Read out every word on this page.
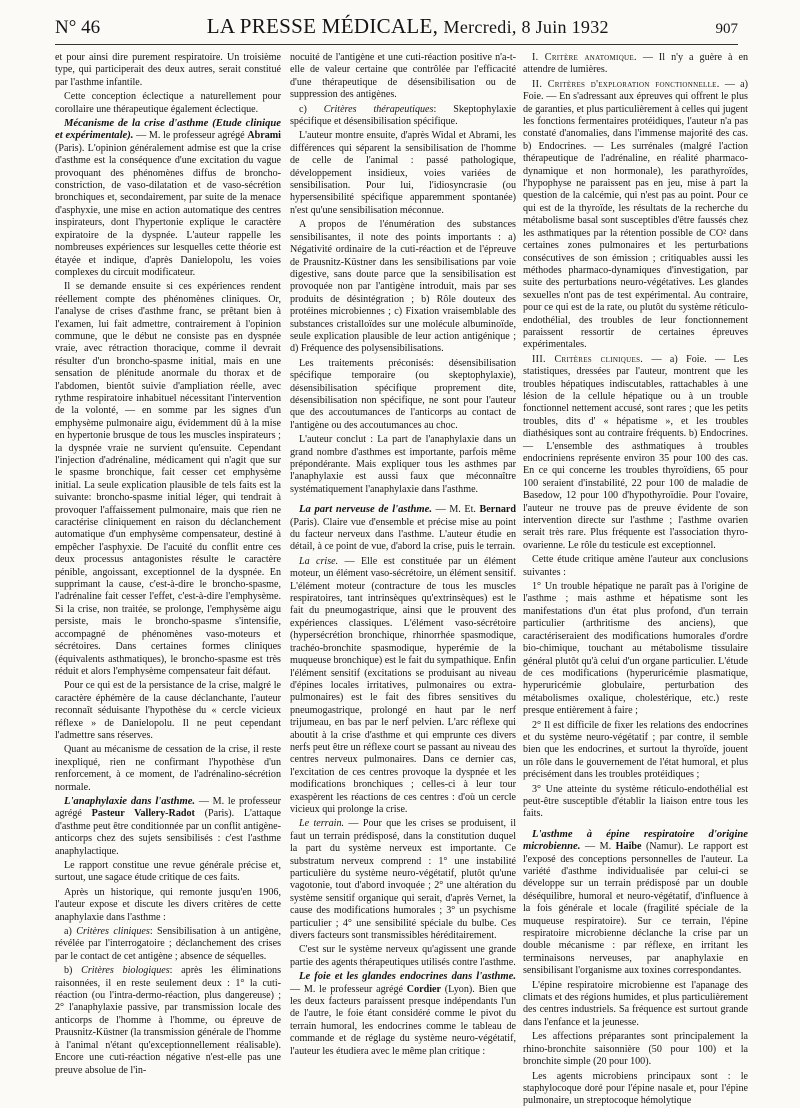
N° 46	LA PRESSE MÉDICALE, Mercredi, 8 Juin 1932	907

et pour ainsi dire purement respiratoire. Un troisième type, qui participerait des deux autres, serait constitué par l'asthme infantile.

Cette conception éclectique a naturellement pour corollaire une thérapeutique également éclectique.

Mécanisme de la crise d'asthme (Etude clinique et expérimentale). — M. le professeur agrégé Abrami (Paris). L'opinion généralement admise est que la crise d'asthme est la conséquence d'une excitation du vague provoquant des phénomènes diffus de broncho-constriction, de vaso-dilatation et de vaso-sécrétion bronchiques et, secondairement, par suite de la menace d'asphyxie, une mise en action automatique des centres inspirateurs, dont l'hypertonie explique le caractère expiratoire de la dyspnée. L'auteur rappelle les nombreuses expériences sur lesquelles cette théorie est étayée et indique, d'après Danielopolu, les voies complexes du circuit modificateur.

Il se demande ensuite si ces expériences rendent réellement compte des phénomènes cliniques. Or, l'analyse de crises d'asthme franc, se prêtant bien à l'examen, lui fait admettre, contrairement à l'opinion commune, que le début ne consiste pas en dyspnée vraie, avec rétraction thoracique, comme il devrait résulter d'un broncho-spasme initial, mais en une sensation de plénitude anormale du thorax et de l'abdomen, bientôt suivie d'ampliation réelle, avec rythme respiratoire inhabituel nécessitant l'intervention de la volonté, — en somme par les signes d'un emphysème pulmonaire aigu, évidemment dû à la mise en hypertonie brusque de tous les muscles inspirateurs ; la dyspnée vraie ne survient qu'ensuite. Cependant l'injection d'adrénaline, médicament qui n'agit que sur le spasme bronchique, fait cesser cet emphysème initial. La seule explication plausible de tels faits est la suivante: broncho-spasme initial léger, qui tendrait à provoquer l'affaissement pulmonaire, mais que rien ne caractérise cliniquement en raison du déclanchement automatique d'un emphysème compensateur, destiné à empêcher l'asphyxie. De l'acuité du conflit entre ces deux processus antagonistes résulte le caractère pénible, angoissant, exceptionnel de la dyspnée. En supprimant la cause, c'est-à-dire le broncho-spasme, l'adrénaline fait cesser l'effet, c'est-à-dire l'emphysème. Si la crise, non traitée, se prolonge, l'emphysème aigu persiste, mais le broncho-spasme s'intensifie, accompagné de phénomènes vaso-moteurs et sécrétoires. Dans certaines formes cliniques (équivalents asthmatiques), le broncho-spasme est très réduit et alors l'emphysème compensateur fait défaut.

Pour ce qui est de la persistance de la crise, malgré le caractère éphémère de la cause déclanchante, l'auteur reconnaît séduisante l'hypothèse du « cercle vicieux réflexe » de Danielopolu. Il ne peut cependant l'admettre sans réserves.

Quant au mécanisme de cessation de la crise, il reste inexpliqué, rien ne confirmant l'hypothèse d'un renforcement, à ce moment, de l'adrénalino-sécrétion normale.

L'anaphylaxie dans l'asthme. — M. le professeur agrégé Pasteur Vallery-Radot (Paris). L'attaque d'asthme peut être conditionnée par un conflit antigène-anticorps chez des sujets sensibilisés : c'est l'asthme anaphylactique.

Le rapport constitue une revue générale précise et, surtout, une sagace étude critique de ces faits.

Après un historique, qui remonte jusqu'en 1906, l'auteur expose et discute les divers critères de cette anaphylaxie dans l'asthme :

a) Critères cliniques: Sensibilisation à un antigène, révélée par l'interrogatoire ; déclanchement des crises par le contact de cet antigène ; absence de séquelles.

b) Critères biologiques: après les éliminations raisonnées, il en reste seulement deux : 1° la cuti-réaction (ou l'intra-dermo-réaction, plus dangereuse) ; 2° l'anaphylaxie passive, par transmission locale des anticorps de l'homme à l'homme, ou épreuve de Prausnitz-Küstner (la transmission générale de l'homme à l'animal n'étant qu'exceptionnellement réalisable). Encore une cuti-réaction négative n'est-elle pas une preuve absolue de l'in-

nocuité de l'antigène et une cuti-réaction positive n'a-t-elle de valeur certaine que contrôlée par l'efficacité d'une thérapeutique de désensibilisation ou de suppression des antigènes.

c) Critères thérapeutiques: Skeptophylaxie spécifique et désensibilisation spécifique.

L'auteur montre ensuite, d'après Widal et Abrami, les différences qui séparent la sensibilisation de l'homme de celle de l'animal : passé pathologique, développement insidieux, voies variées de sensibilisation. Pour lui, l'idiosyncrasie (ou hypersensibilité spécifique apparemment spontanée) n'est qu'une sensibilisation méconnue.

A propos de l'énumération des substances sensibilisantes, il note des points importants : a) Négativité ordinaire de la cuti-réaction et de l'épreuve de Prausnitz-Küstner dans les sensibilisations par voie digestive, sans doute parce que la sensibilisation est provoquée non par l'antigène introduit, mais par ses produits de désintégration ; b) Rôle douteux des protéines microbiennes ; c) Fixation vraisemblable des substances cristalloïdes sur une molécule albuminoïde, seule explication plausible de leur action antigénique ; d) Fréquence des polysensibilisations.

Les traitements préconisés: désensibilisation spécifique temporaire (ou skeptophylaxie), désensibilisation spécifique proprement dite, désensibilisation non spécifique, ne sont pour l'auteur que des accoutumances de l'anticorps au contact de l'antigène ou des accoutumances au choc.

L'auteur conclut : La part de l'anaphylaxie dans un grand nombre d'asthmes est importante, parfois même prépondérante. Mais expliquer tous les asthmes par l'anaphylaxie est aussi faux que méconnaître systématiquement l'anaphylaxie dans l'asthme.

La part nerveuse de l'asthme. — M. Et. Bernard (Paris). Claire vue d'ensemble et précise mise au point du facteur nerveux dans l'asthme. L'auteur étudie en détail, à ce point de vue, d'abord la crise, puis le terrain.

La crise. — Elle est constituée par un élément moteur, un élément vaso-sécrétoire, un élément sensitif. L'élément moteur (contracture de tous les muscles respiratoires, tant intrinsèques qu'extrinsèques) est le fait du pneumogastrique, ainsi que le prouvent des expériences classiques. L'élément vaso-sécrétoire (hypersécrétion bronchique, rhinorrhée spasmodique, trachéo-bronchite spasmodique, hyperémie de la muqueuse bronchique) est le fait du sympathique. Enfin l'élément sensitif (excitations se produisant au niveau d'épines locales irritatives, pulmonaires ou extra-pulmonaires) est le fait des fibres sensitives du pneumogastrique, prolongé en haut par le nerf trijumeau, en bas par le nerf pelvien. L'arc réflexe qui aboutit à la crise d'asthme et qui emprunte ces divers nerfs peut être un réflexe court se passant au niveau des centres nerveux pulmonaires. Dans ce dernier cas, l'excitation de ces centres provoque la dyspnée et les modifications bronchiques ; celles-ci à leur tour exaspèrent les réactions de ces centres : d'où un cercle vicieux qui prolonge la crise.

Le terrain. — Pour que les crises se produisent, il faut un terrain prédisposé, dans la constitution duquel la part du système nerveux est importante. Ce substratum nerveux comprend : 1° une instabilité particulière du système neuro-végétatif, plutôt qu'une vagotonie, tout d'abord invoquée ; 2° une altération du système sensitif organique qui serait, d'après Vernet, la cause des modifications humorales ; 3° un psychisme particulier ; 4° une sensibilité spéciale du bulbe. Ces divers facteurs sont transmissibles héréditairement.

C'est sur le système nerveux qu'agissent une grande partie des agents thérapeutiques utilisés contre l'asthme.

Le foie et les glandes endocrines dans l'asthme. — M. le professeur agrégé Cordier (Lyon). Bien que les deux facteurs paraissent presque indépendants l'un de l'autre, le foie étant considéré comme le pivot du terrain humoral, les endocrines comme le tableau de commande et de réglage du système neuro-végétatif, l'auteur les étudiera avec le même plan critique :

I. Critère anatomique. — Il n'y a guère à en attendre de lumières.

II. Critères d'exploration fonctionnelle. — a) Foie. — En s'adressant aux épreuves qui offrent le plus de garanties, et plus particulièrement à celles qui jugent les fonctions fermentaires protéidiques, l'auteur n'a pas constaté d'anomalies, dans l'immense majorité des cas. b) Endocrines. — Les surrénales (malgré l'action thérapeutique de l'adrénaline, en réalité pharmaco-dynamique et non hormonale), les parathyroïdes, l'hypophyse ne paraissent pas en jeu, mise à part la question de la calcémie, qui n'est pas au point. Pour ce qui est de la thyroïde, les résultats de la recherche du métabolisme basal sont susceptibles d'être faussés chez les asthmatiques par la rétention possible de CO² dans certaines zones pulmonaires et les perturbations consécutives de son émission ; critiquables aussi les méthodes pharmaco-dynamiques d'investigation, par suite des perturbations neuro-végétatives. Les glandes sexuelles n'ont pas de test expérimental. Au contraire, pour ce qui est de la rate, ou plutôt du système réticulo-endothélial, des troubles de leur fonctionnement paraissent ressortir de certaines épreuves expérimentales.

III. Critères cliniques. — a) Foie. — Les statistiques, dressées par l'auteur, montrent que les troubles hépatiques indiscutables, rattachables à une lésion de la cellule hépatique ou à un trouble fonctionnel nettement accusé, sont rares ; que les petits troubles, dits d' « hépatisme », et les troubles diathésiques sont au contraire fréquents. b) Endocrines. — L'ensemble des asthmatiques à troubles endocriniens représente environ 35 pour 100 des cas. En ce qui concerne les troubles thyroïdiens, 65 pour 100 seraient d'instabilité, 22 pour 100 de maladie de Basedow, 12 pour 100 d'hypothyroïdie. Pour l'ovaire, l'auteur ne trouve pas de preuve évidente de son intervention directe sur l'asthme ; l'asthme ovarien serait très rare. Plus fréquente est l'association thyro-ovarienne. Le rôle du testicule est exceptionnel.

Cette étude critique amène l'auteur aux conclusions suivantes :

1° Un trouble hépatique ne paraît pas à l'origine de l'asthme ; mais asthme et hépatisme sont les manifestations d'un état plus profond, d'un terrain particulier (arthritisme des anciens), que caractériseraient des modifications humorales d'ordre bio-chimique, touchant au métabolisme tissulaire général plutôt qu'à celui d'un organe particulier. L'étude de ces modifications (hyperuricémie plasmatique, hyperuricémie globulaire, perturbation des métabolismes oxalique, cholestérique, etc.) reste presque entièrement à faire ;

2° Il est difficile de fixer les relations des endocrines et du système neuro-végétatif ; par contre, il semble bien que les endocrines, et surtout la thyroïde, jouent un rôle dans le gouvernement de l'état humoral, et plus précisément dans les troubles protéidiques ;

3° Une atteinte du système réticulo-endothélial est peut-être susceptible d'établir la liaison entre tous les faits.

L'asthme à épine respiratoire d'origine microbienne. — M. Haibe (Namur). Le rapport est l'exposé des conceptions personnelles de l'auteur. La variété d'asthme individualisée par celui-ci se développe sur un terrain prédisposé par un double déséquilibre, humoral et neuro-végétatif, d'influence à la fois générale et locale (fragilité spéciale de la muqueuse respiratoire). Sur ce terrain, l'épine respiratoire microbienne déclanche la crise par un double mécanisme : par réflexe, en irritant les terminaisons nerveuses, par anaphylaxie en sensibilisant l'organisme aux toxines correspondantes.

L'épine respiratoire microbienne est l'apanage des climats et des régions humides, et plus particulièrement des centres industriels. Sa fréquence est surtout grande dans l'enfance et la jeunesse.

Les affections préparantes sont principalement la rhino-bronchite saisonnière (50 pour 100) et la bronchite simple (20 pour 100).

Les agents microbiens principaux sont : le staphylocoque doré pour l'épine nasale et, pour l'épine pulmonaire, un streptocoque hémolytique
